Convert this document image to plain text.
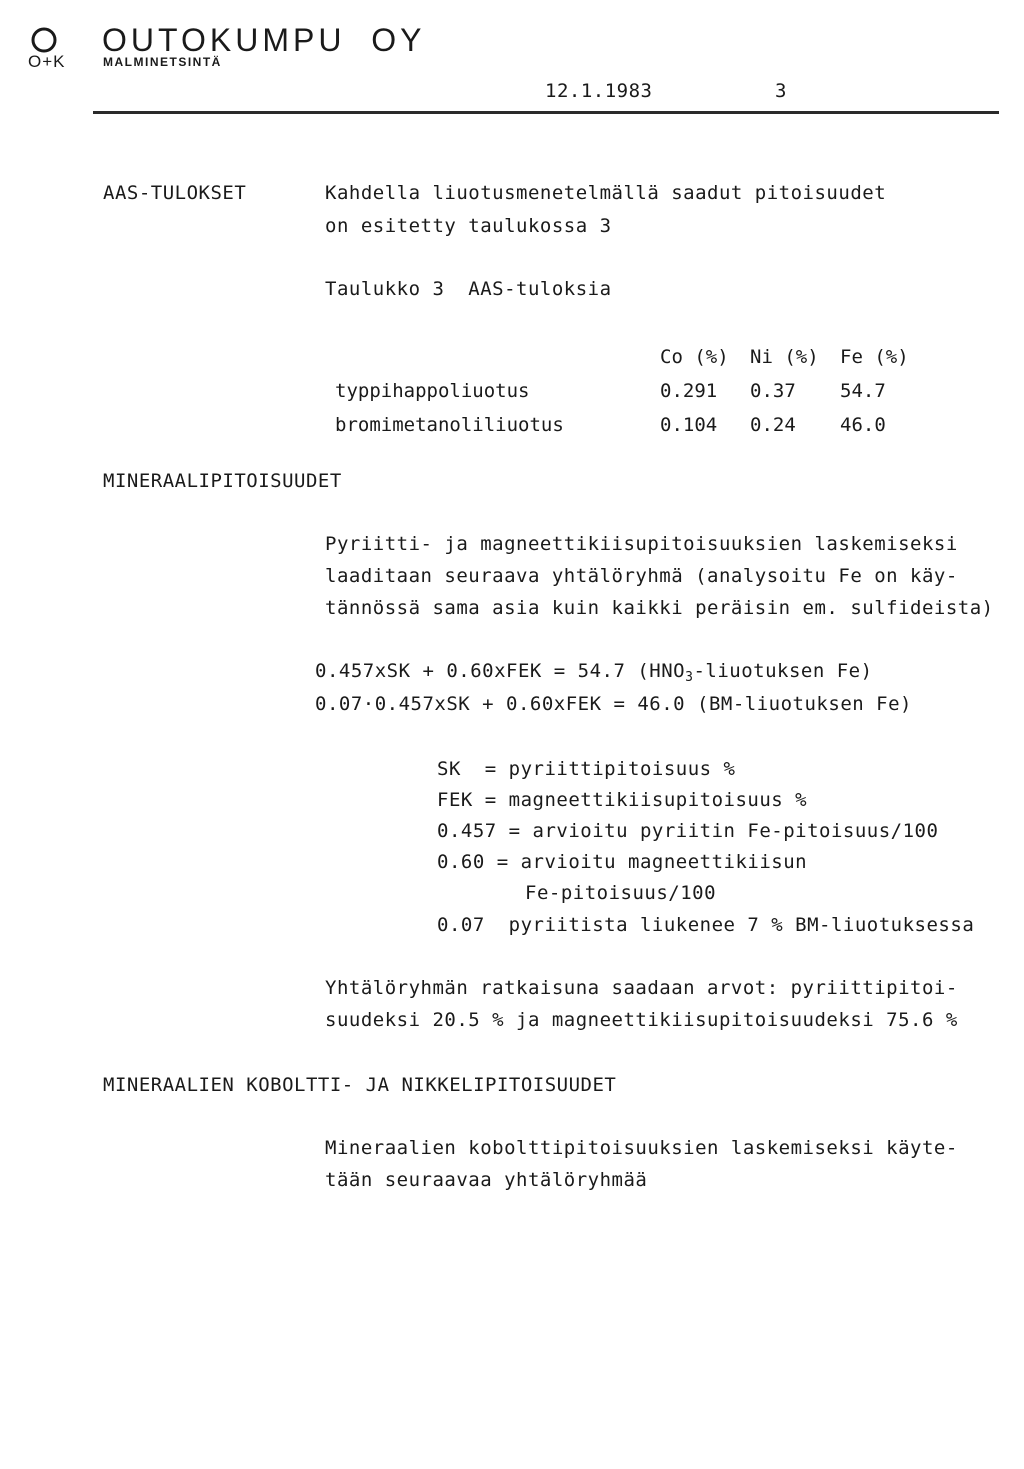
O+K
OUTOKUMPU  OY
MALMINETSINTÄ
12.1.1983	3
AAS-TULOKSET	Kahdella liuotusmenetelmällä saadut pitoisuudet
on esitetty taulukossa 3
Taulukko 3  AAS-tuloksia
	Co (%)	Ni (%)	Fe (%)
typpihappoliuotus	0.291	0.37	54.7
bromimetanoliliuotus	0.104	0.24	46.0
MINERAALIPITOISUUDET
Pyriitti- ja magneettikiisupitoisuuksien laskemiseksi
laaditaan seuraava yhtälöryhmä (analysoitu Fe on käy-
tännössä sama asia kuin kaikki peräisin em. sulfideista)
0.457xSK + 0.60xFEK = 54.7 ($HNO_3$-liuotuksen Fe)
0.07·0.457xSK + 0.60xFEK = 46.0 (BM-liuotuksen Fe)
SK  = pyriittipitoisuus %
FEK = magneettikiisupitoisuus %
0.457 = arvioitu pyriitin Fe-pitoisuus/100
0.60 = arvioitu magneettikiisun
Fe-pitoisuus/100
0.07  pyriitista liukenee 7 % BM-liuotuksessa
Yhtälöryhmän ratkaisuna saadaan arvot: pyriittipitoi-
suudeksi 20.5 % ja magneettikiisupitoisuudeksi 75.6 %
MINERAALIEN KOBOLTTI- JA NIKKELIPITOISUUDET
Mineraalien kobolttipitoisuuksien laskemiseksi käyte-
tään seuraavaa yhtälöryhmää
